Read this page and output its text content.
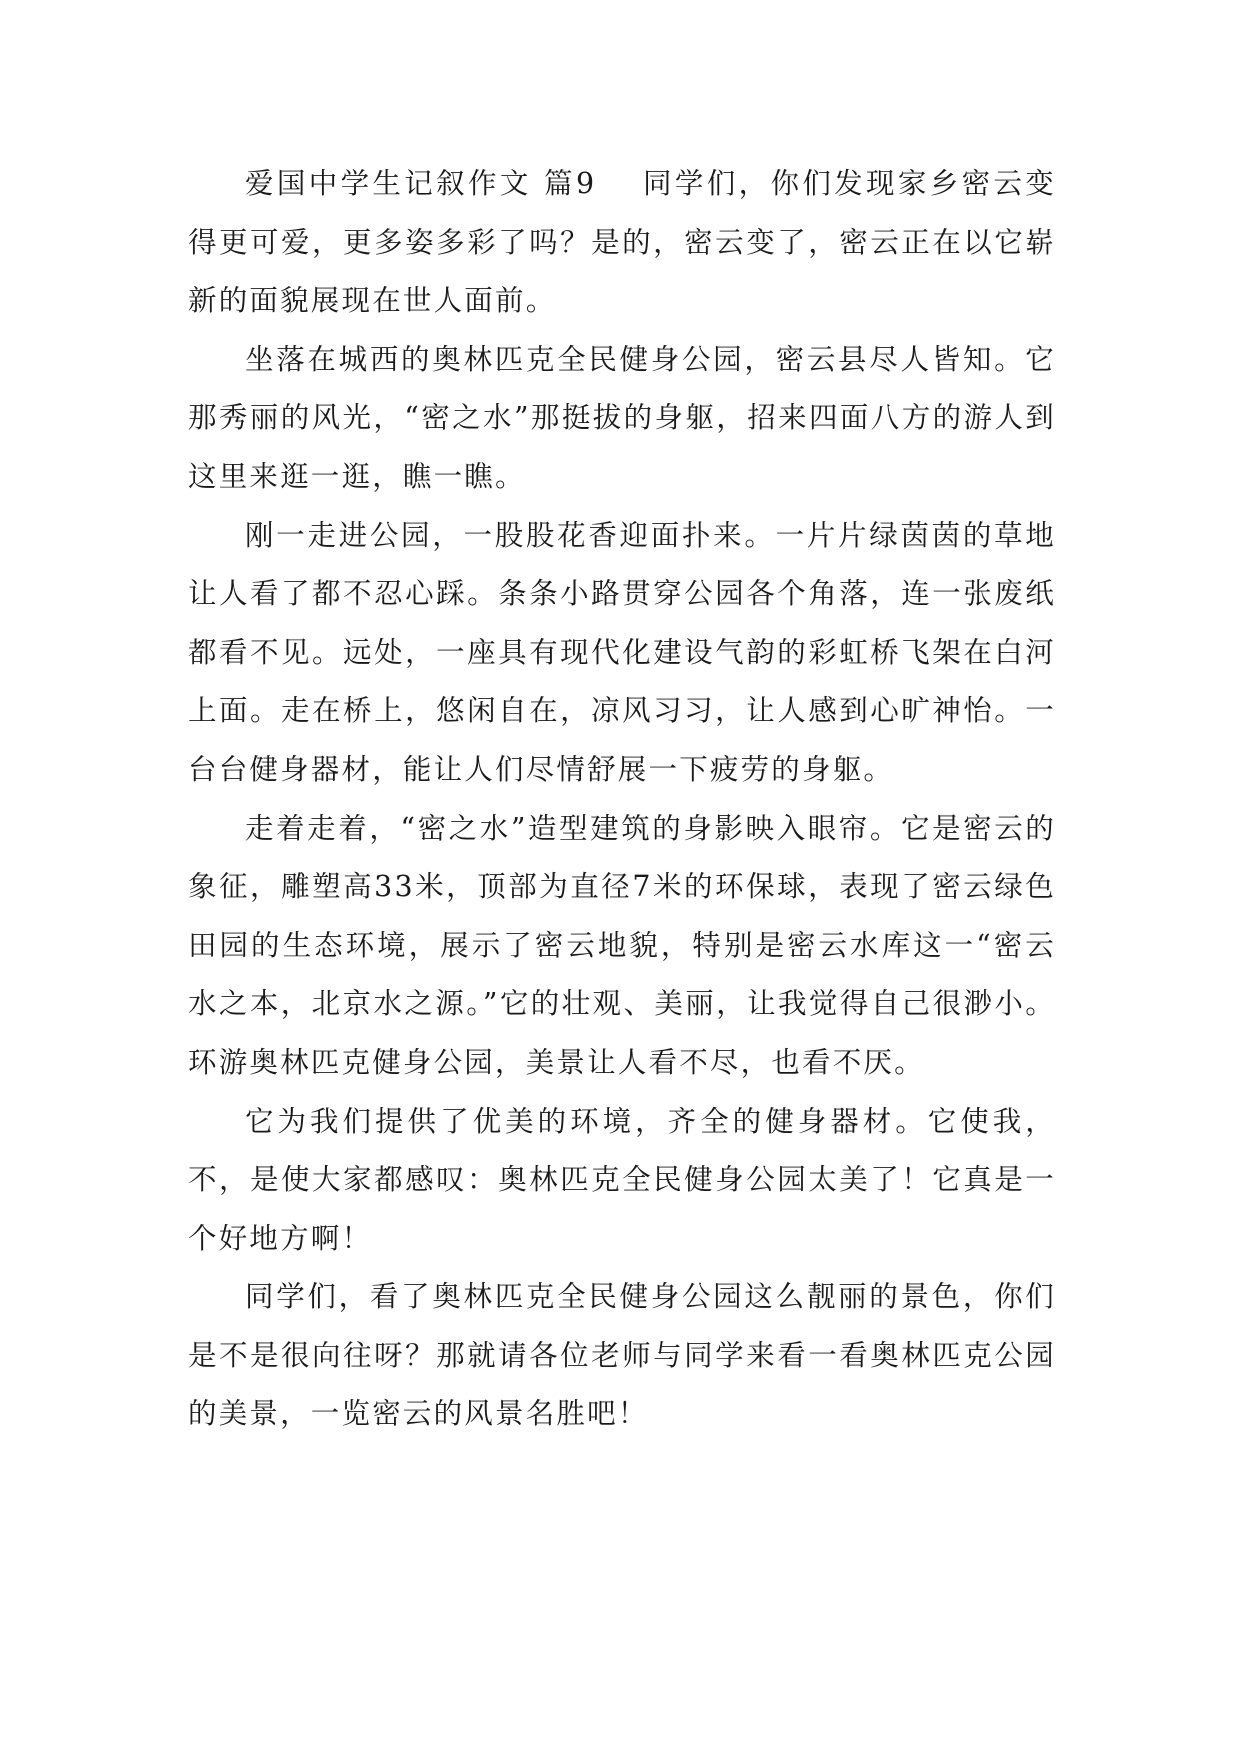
爱国中学生记叙作文 篇9 同学们，你们发现家乡密云变得更可爱，更多姿多彩了吗？是的，密云变了，密云正在以它崭新的面貌展现在世人面前。

坐落在城西的奥林匹克全民健身公园，密云县尽人皆知。它那秀丽的风光，“密之水”那挺拔的身躯，招来四面八方的游人到这里来逛一逛，瞧一瞧。

刚一走进公园，一股股花香迎面扑来。一片片绿茵茵的草地让人看了都不忍心踩。条条小路贯穿公园各个角落，连一张废纸都看不见。远处，一座具有现代化建设气韵的彩虹桥飞架在白河上面。走在桥上，悠闲自在，凉风习习，让人感到心旷神怡。一台台健身器材，能让人们尽情舒展一下疲劳的身躯。

走着走着，“密之水”造型建筑的身影映入眼帘。它是密云的象征，雕塑高33米，顶部为直径7米的环保球，表现了密云绿色田园的生态环境，展示了密云地貌，特别是密云水库这一“密云水之本，北京水之源。”它的壮观、美丽，让我觉得自己很渺小。环游奥林匹克健身公园，美景让人看不尽，也看不厌。

它为我们提供了优美的环境，齐全的健身器材。它使我，不，是使大家都感叹：奥林匹克全民健身公园太美了！它真是一个好地方啊！

同学们，看了奥林匹克全民健身公园这么靓丽的景色，你们是不是很向往呀？那就请各位老师与同学来看一看奥林匹克公园的美景，一览密云的风景名胜吧！
